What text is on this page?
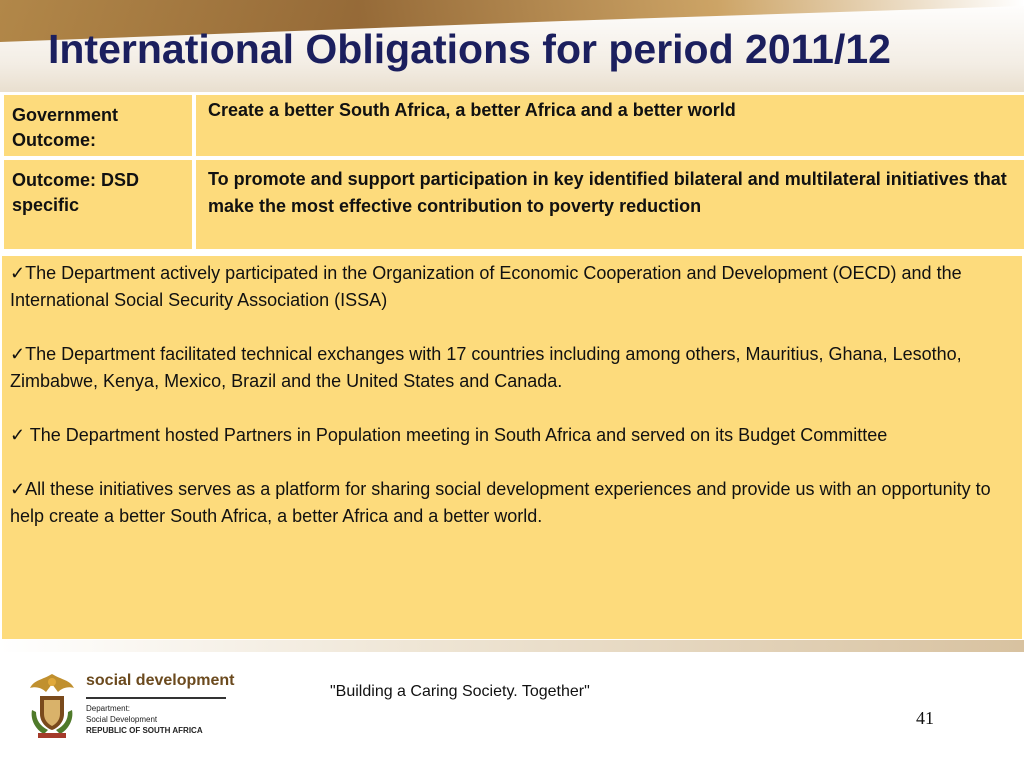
International Obligations for period 2011/12
Government Outcome:
Create a better South Africa, a better Africa and a better world
Outcome: DSD specific
To promote and support participation in key identified bilateral and multilateral initiatives that make the most effective contribution to poverty reduction

✓The Department actively participated in the Organization of Economic Cooperation and Development (OECD) and the International Social Security Association (ISSA)

✓The Department facilitated technical exchanges with 17 countries including among others, Mauritius, Ghana, Lesotho, Zimbabwe, Kenya, Mexico, Brazil and the United States and Canada.

✓ The Department hosted Partners in Population meeting in South Africa and served on its Budget Committee

✓All these initiatives serves as a platform for sharing social development experiences and provide us with an opportunity to help create a better South Africa, a better Africa and a better world.

social development
Department:
Social Development
REPUBLIC OF SOUTH AFRICA
"Building a Caring Society. Together"
41
